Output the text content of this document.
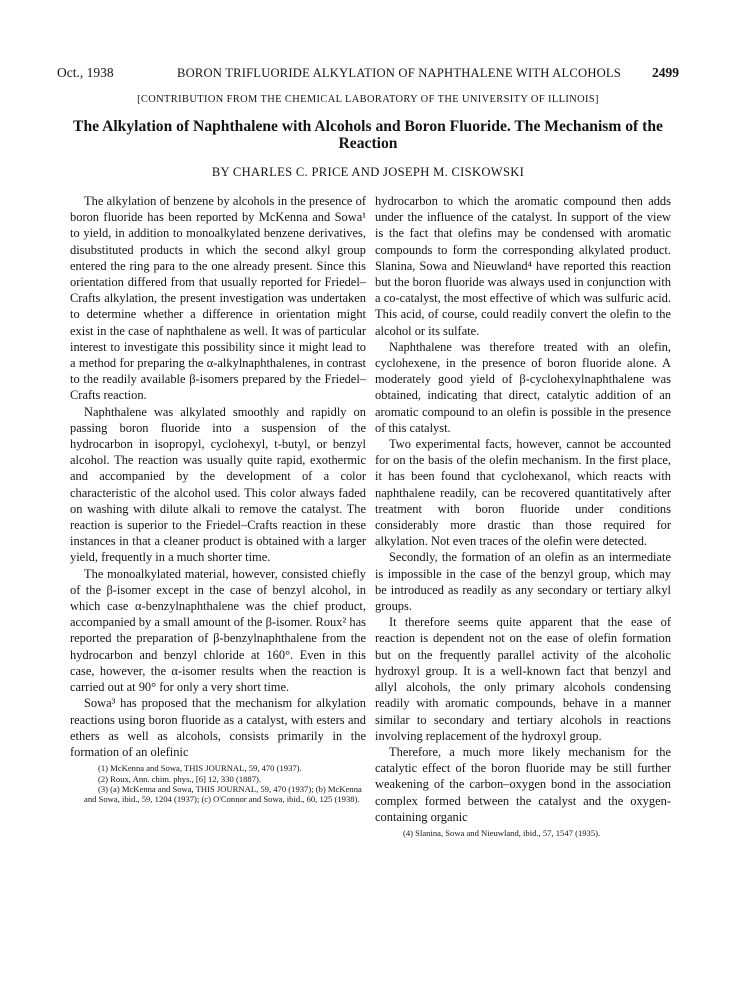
Oct., 1938	BORON TRIFLUORIDE ALKYLATION OF NAPHTHALENE WITH ALCOHOLS 2499
[CONTRIBUTION FROM THE CHEMICAL LABORATORY OF THE UNIVERSITY OF ILLINOIS]
The Alkylation of Naphthalene with Alcohols and Boron Fluoride. The Mechanism of the Reaction
BY CHARLES C. PRICE AND JOSEPH M. CISKOWSKI

The alkylation of benzene by alcohols in the presence of boron fluoride has been reported by McKenna and Sowa¹ to yield, in addition to monoalkylated benzene derivatives, disubstituted products in which the second alkyl group entered the ring para to the one already present. Since this orientation differed from that usually reported for Friedel–Crafts alkylation, the present investigation was undertaken to determine whether a difference in orientation might exist in the case of naphthalene as well. It was of particular interest to investigate this possibility since it might lead to a method for preparing the α-alkylnaphthalenes, in contrast to the readily available β-isomers prepared by the Friedel–Crafts reaction.

Naphthalene was alkylated smoothly and rapidly on passing boron fluoride into a suspension of the hydrocarbon in isopropyl, cyclohexyl, t-butyl, or benzyl alcohol. The reaction was usually quite rapid, exothermic and accompanied by the development of a color characteristic of the alcohol used. This color always faded on washing with dilute alkali to remove the catalyst. The reaction is superior to the Friedel–Crafts reaction in these instances in that a cleaner product is obtained with a larger yield, frequently in a much shorter time.

The monoalkylated material, however, consisted chiefly of the β-isomer except in the case of benzyl alcohol, in which case α-benzylnaphthalene was the chief product, accompanied by a small amount of the β-isomer. Roux² has reported the preparation of β-benzylnaphthalene from the hydrocarbon and benzyl chloride at 160°. Even in this case, however, the α-isomer results when the reaction is carried out at 90° for only a very short time.

Sowa³ has proposed that the mechanism for alkylation reactions using boron fluoride as a catalyst, with esters and ethers as well as alcohols, consists primarily in the formation of an olefinic

(1) McKenna and Sowa, THIS JOURNAL, 59, 470 (1937).

(2) Roux, Ann. chim. phys., [6] 12, 330 (1887).

(3) (a) McKenna and Sowa, THIS JOURNAL, 59, 470 (1937); (b) McKenna and Sowa, ibid., 59, 1204 (1937); (c) O'Connor and Sowa, ibid., 60, 125 (1938).

hydrocarbon to which the aromatic compound then adds under the influence of the catalyst. In support of the view is the fact that olefins may be condensed with aromatic compounds to form the corresponding alkylated product. Slanina, Sowa and Nieuwland⁴ have reported this reaction but the boron fluoride was always used in conjunction with a co-catalyst, the most effective of which was sulfuric acid. This acid, of course, could readily convert the olefin to the alcohol or its sulfate.

Naphthalene was therefore treated with an olefin, cyclohexene, in the presence of boron fluoride alone. A moderately good yield of β-cyclohexylnaphthalene was obtained, indicating that direct, catalytic addition of an aromatic compound to an olefin is possible in the presence of this catalyst.

Two experimental facts, however, cannot be accounted for on the basis of the olefin mechanism. In the first place, it has been found that cyclohexanol, which reacts with naphthalene readily, can be recovered quantitatively after treatment with boron fluoride under conditions considerably more drastic than those required for alkylation. Not even traces of the olefin were detected.

Secondly, the formation of an olefin as an intermediate is impossible in the case of the benzyl group, which may be introduced as readily as any secondary or tertiary alkyl groups.

It therefore seems quite apparent that the ease of reaction is dependent not on the ease of olefin formation but on the frequently parallel activity of the alcoholic hydroxyl group. It is a well-known fact that benzyl and allyl alcohols, the only primary alcohols condensing readily with aromatic compounds, behave in a manner similar to secondary and tertiary alcohols in reactions involving replacement of the hydroxyl group.

Therefore, a much more likely mechanism for the catalytic effect of the boron fluoride may be still further weakening of the carbon–oxygen bond in the association complex formed between the catalyst and the oxygen-containing organic

(4) Slanina, Sowa and Nieuwland, ibid., 57, 1547 (1935).
